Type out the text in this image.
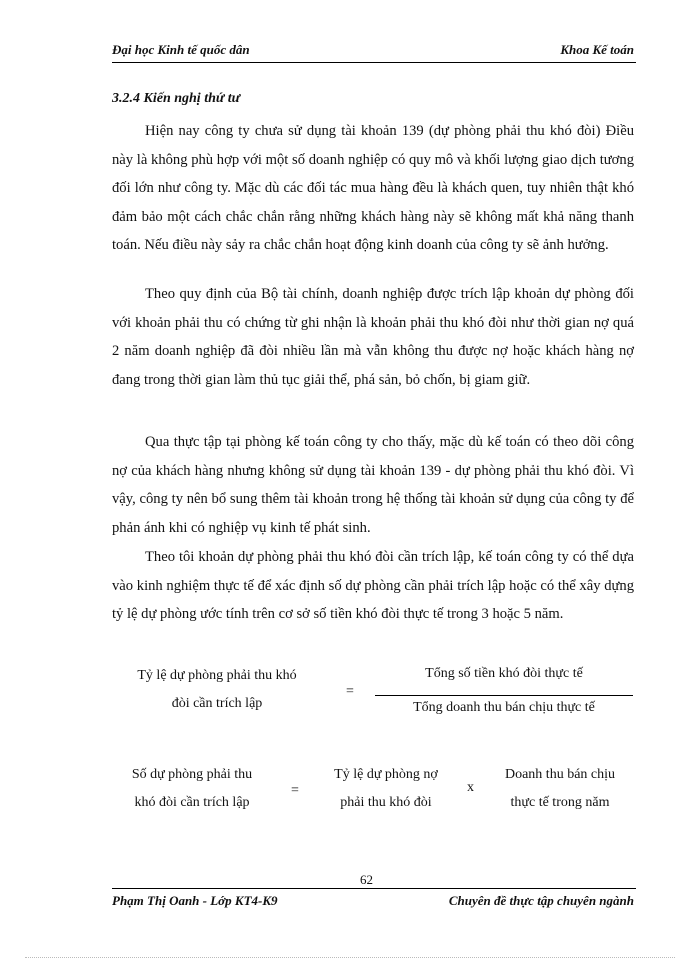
Đại học Kinh tế quốc dân	Khoa Kế toán
3.2.4 Kiến nghị thứ tư

Hiện nay công ty chưa sử dụng tài khoản 139 (dự phòng phải thu khó đòi) Điều này là không phù hợp với một số doanh nghiệp có quy mô và khối lượng giao dịch tương đối lớn như công ty. Mặc dù các đối tác mua hàng đều là khách quen, tuy nhiên thật khó đảm bảo một cách chắc chắn rằng những khách hàng này sẽ không mất khả năng thanh toán. Nếu điều này sảy ra chắc chắn hoạt động kinh doanh của công ty sẽ ảnh hưởng.

Theo quy định của Bộ tài chính, doanh nghiệp được trích lập khoản dự phòng đối với khoản phải thu có chứng từ ghi nhận là khoản phải thu khó đòi như thời gian nợ quá 2 năm doanh nghiệp đã đòi nhiều lần mà vẫn không thu được nợ hoặc khách hàng nợ đang trong thời gian làm thủ tục giải thể, phá sản, bỏ chốn, bị giam giữ.

Qua thực tập tại phòng kế toán công ty cho thấy, mặc dù kế toán có theo dõi công nợ của khách hàng nhưng không sử dụng tài khoản 139 - dự phòng phải thu khó đòi. Vì vậy, công ty nên bổ sung thêm tài khoản trong hệ thống tài khoản sử dụng của công ty để phản ánh khi có nghiệp vụ kinh tế phát sinh.

Theo tôi khoản dự phòng phải thu khó đòi cần trích lập, kế toán công ty có thể dựa vào kinh nghiệm thực tế để xác định số dự phòng cần phải trích lập hoặc có thể xây dựng tỷ lệ dự phòng ước tính trên cơ sở số tiền khó đòi thực tế trong 3 hoặc 5 năm.

Tỷ lệ dự phòng phải thu khó
đòi cần trích lập
=
Tổng số tiền khó đòi thực tế
Tổng doanh thu bán chịu thực tế
Số dự phòng phải thu
khó đòi cần trích lập
=
Tỷ lệ dự phòng nợ
phải thu khó đòi
x
Doanh thu bán chịu
thực tế trong năm
62
Phạm Thị Oanh - Lớp KT4-K9	Chuyên đề thực tập chuyên ngành
